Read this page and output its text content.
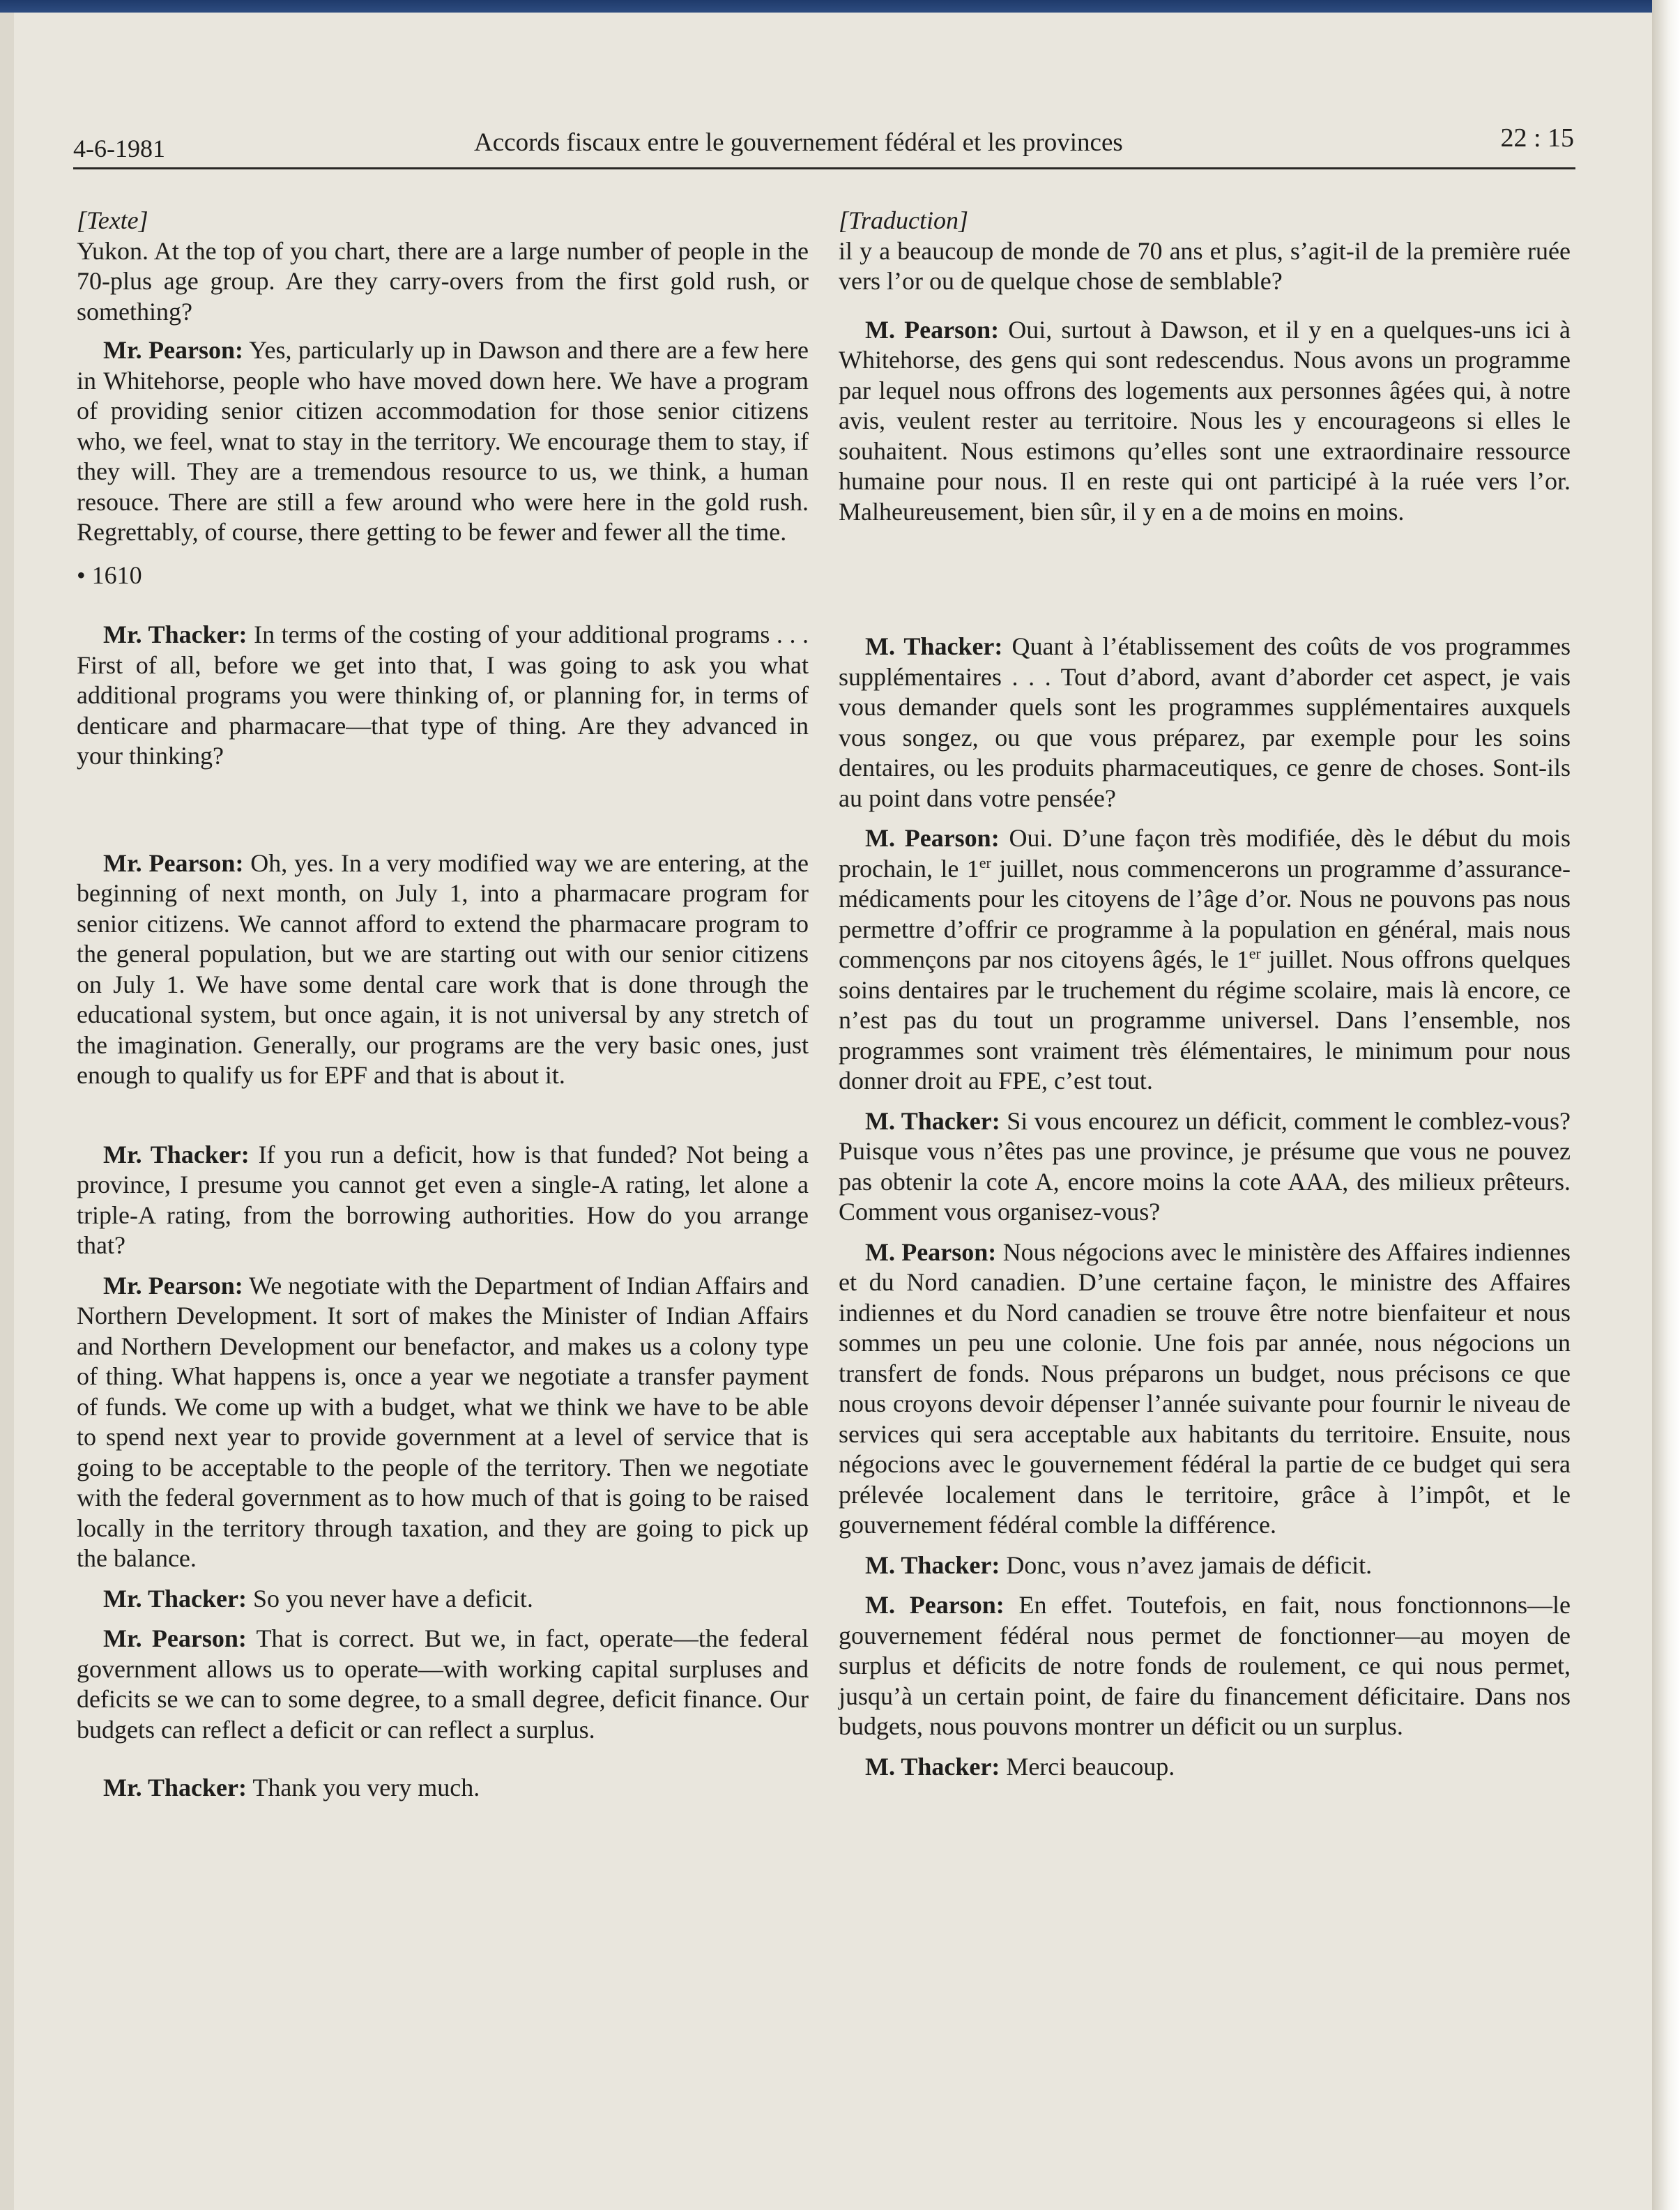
4-6-1981	Accords fiscaux entre le gouvernement fédéral et les provinces	22 : 15

[Texte]

Yukon. At the top of you chart, there are a large number of people in the 70-plus age group. Are they carry-overs from the first gold rush, or something?

Mr. Pearson: Yes, particularly up in Dawson and there are a few here in Whitehorse, people who have moved down here. We have a program of providing senior citizen accommodation for those senior citizens who, we feel, wnat to stay in the territory. We encourage them to stay, if they will. They are a tremendous resource to us, we think, a human resouce. There are still a few around who were here in the gold rush. Regrettably, of course, there getting to be fewer and fewer all the time.

• 1610

Mr. Thacker: In terms of the costing of your additional programs . . . First of all, before we get into that, I was going to ask you what additional programs you were thinking of, or planning for, in terms of denticare and pharmacare—that type of thing. Are they advanced in your thinking?

Mr. Pearson: Oh, yes. In a very modified way we are entering, at the beginning of next month, on July 1, into a pharmacare program for senior citizens. We cannot afford to extend the pharmacare program to the general population, but we are starting out with our senior citizens on July 1. We have some dental care work that is done through the educational system, but once again, it is not universal by any stretch of the imagination. Generally, our programs are the very basic ones, just enough to qualify us for EPF and that is about it.

Mr. Thacker: If you run a deficit, how is that funded? Not being a province, I presume you cannot get even a single-A rating, let alone a triple-A rating, from the borrowing authorities. How do you arrange that?

Mr. Pearson: We negotiate with the Department of Indian Affairs and Northern Development. It sort of makes the Minister of Indian Affairs and Northern Development our benefactor, and makes us a colony type of thing. What happens is, once a year we negotiate a transfer payment of funds. We come up with a budget, what we think we have to be able to spend next year to provide government at a level of service that is going to be acceptable to the people of the territory. Then we negotiate with the federal government as to how much of that is going to be raised locally in the territory through taxation, and they are going to pick up the balance.

Mr. Thacker: So you never have a deficit.

Mr. Pearson: That is correct. But we, in fact, operate—the federal government allows us to operate—with working capital surpluses and deficits se we can to some degree, to a small degree, deficit finance. Our budgets can reflect a deficit or can reflect a surplus.

Mr. Thacker: Thank you very much.

[Traduction]

il y a beaucoup de monde de 70 ans et plus, s’agit-il de la première ruée vers l’or ou de quelque chose de semblable?

M. Pearson: Oui, surtout à Dawson, et il y en a quelques-uns ici à Whitehorse, des gens qui sont redescendus. Nous avons un programme par lequel nous offrons des logements aux personnes âgées qui, à notre avis, veulent rester au territoire. Nous les y encourageons si elles le souhaitent. Nous estimons qu’elles sont une extraordinaire ressource humaine pour nous. Il en reste qui ont participé à la ruée vers l’or. Malheureusement, bien sûr, il y en a de moins en moins.

M. Thacker: Quant à l’établissement des coûts de vos programmes supplémentaires . . . Tout d’abord, avant d’aborder cet aspect, je vais vous demander quels sont les programmes supplémentaires auxquels vous songez, ou que vous préparez, par exemple pour les soins dentaires, ou les produits pharmaceutiques, ce genre de choses. Sont-ils au point dans votre pensée?

M. Pearson: Oui. D’une façon très modifiée, dès le début du mois prochain, le 1er juillet, nous commencerons un programme d’assurance-médicaments pour les citoyens de l’âge d’or. Nous ne pouvons pas nous permettre d’offrir ce programme à la population en général, mais nous commençons par nos citoyens âgés, le 1er juillet. Nous offrons quelques soins dentaires par le truchement du régime scolaire, mais là encore, ce n’est pas du tout un programme universel. Dans l’ensemble, nos programmes sont vraiment très élémentaires, le minimum pour nous donner droit au FPE, c’est tout.

M. Thacker: Si vous encourez un déficit, comment le comblez-vous? Puisque vous n’êtes pas une province, je présume que vous ne pouvez pas obtenir la cote A, encore moins la cote AAA, des milieux prêteurs. Comment vous organisez-vous?

M. Pearson: Nous négocions avec le ministère des Affaires indiennes et du Nord canadien. D’une certaine façon, le ministre des Affaires indiennes et du Nord canadien se trouve être notre bienfaiteur et nous sommes un peu une colonie. Une fois par année, nous négocions un transfert de fonds. Nous préparons un budget, nous précisons ce que nous croyons devoir dépenser l’année suivante pour fournir le niveau de services qui sera acceptable aux habitants du territoire. Ensuite, nous négocions avec le gouvernement fédéral la partie de ce budget qui sera prélevée localement dans le territoire, grâce à l’impôt, et le gouvernement fédéral comble la différence.

M. Thacker: Donc, vous n’avez jamais de déficit.

M. Pearson: En effet. Toutefois, en fait, nous fonctionnons—le gouvernement fédéral nous permet de fonctionner—au moyen de surplus et déficits de notre fonds de roulement, ce qui nous permet, jusqu’à un certain point, de faire du financement déficitaire. Dans nos budgets, nous pouvons montrer un déficit ou un surplus.

M. Thacker: Merci beaucoup.
